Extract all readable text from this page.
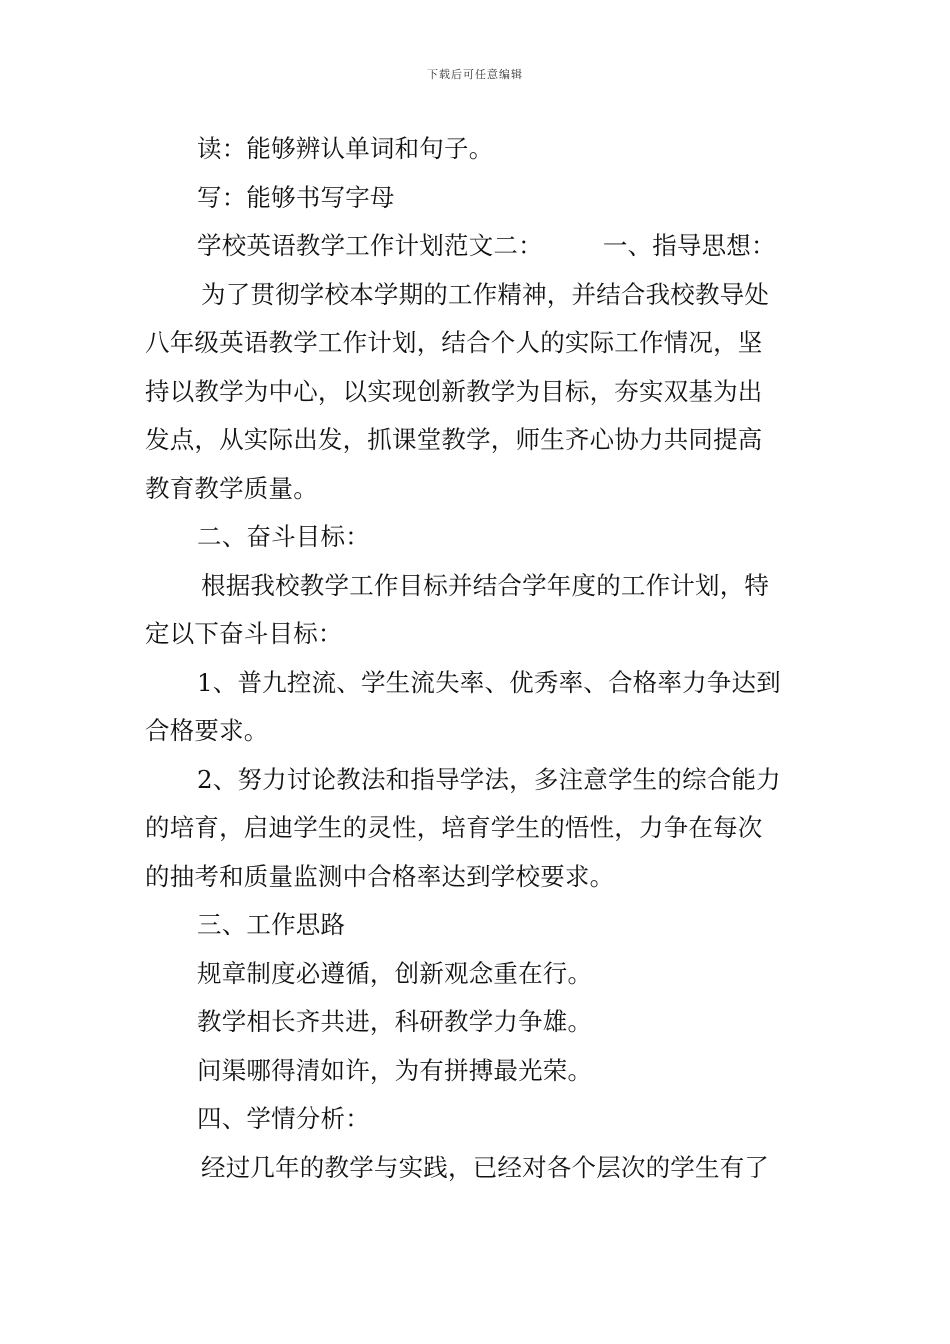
下载后可任意编辑
读：能够辨认单词和句子。
写：能够书写字母
学校英语教学工作计划范文二： 一、指导思想：
为了贯彻学校本学期的工作精神，并结合我校教导处
八年级英语教学工作计划，结合个人的实际工作情况，坚
持以教学为中心，以实现创新教学为目标，夯实双基为出
发点，从实际出发，抓课堂教学，师生齐心协力共同提高
教育教学质量。
二、奋斗目标：
根据我校教学工作目标并结合学年度的工作计划，特
定以下奋斗目标：
1、普九控流、学生流失率、优秀率、合格率力争达到
合格要求。
2、努力讨论教法和指导学法，多注意学生的综合能力
的培育，启迪学生的灵性，培育学生的悟性，力争在每次
的抽考和质量监测中合格率达到学校要求。
三、工作思路
规章制度必遵循，创新观念重在行。
教学相长齐共进，科研教学力争雄。
问渠哪得清如许，为有拼搏最光荣。
四、学情分析：
经过几年的教学与实践，已经对各个层次的学生有了
